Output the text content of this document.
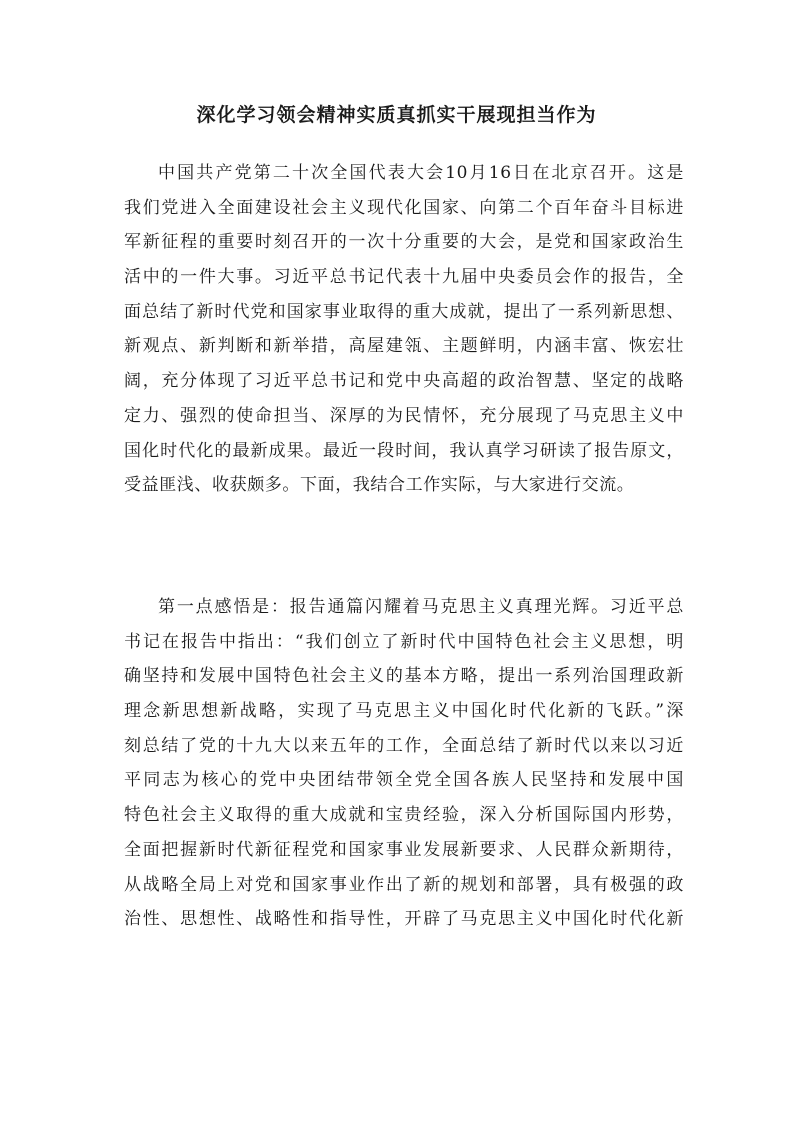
深化学习领会精神实质真抓实干展现担当作为
中国共产党第二十次全国代表大会10月16日在北京召开。这是
我们党进入全面建设社会主义现代化国家、向第二个百年奋斗目标进
军新征程的重要时刻召开的一次十分重要的大会，是党和国家政治生
活中的一件大事。习近平总书记代表十九届中央委员会作的报告，全
面总结了新时代党和国家事业取得的重大成就，提出了一系列新思想、
新观点、新判断和新举措，高屋建瓴、主题鲜明，内涵丰富、恢宏壮
阔，充分体现了习近平总书记和党中央高超的政治智慧、坚定的战略
定力、强烈的使命担当、深厚的为民情怀，充分展现了马克思主义中
国化时代化的最新成果。最近一段时间，我认真学习研读了报告原文，
受益匪浅、收获颇多。下面，我结合工作实际，与大家进行交流。
第一点感悟是：报告通篇闪耀着马克思主义真理光辉。习近平总
书记在报告中指出：“我们创立了新时代中国特色社会主义思想，明
确坚持和发展中国特色社会主义的基本方略，提出一系列治国理政新
理念新思想新战略，实现了马克思主义中国化时代化新的飞跃。”深
刻总结了党的十九大以来五年的工作，全面总结了新时代以来以习近
平同志为核心的党中央团结带领全党全国各族人民坚持和发展中国
特色社会主义取得的重大成就和宝贵经验，深入分析国际国内形势，
全面把握新时代新征程党和国家事业发展新要求、人民群众新期待，
从战略全局上对党和国家事业作出了新的规划和部署，具有极强的政
治性、思想性、战略性和指导性，开辟了马克思主义中国化时代化新
